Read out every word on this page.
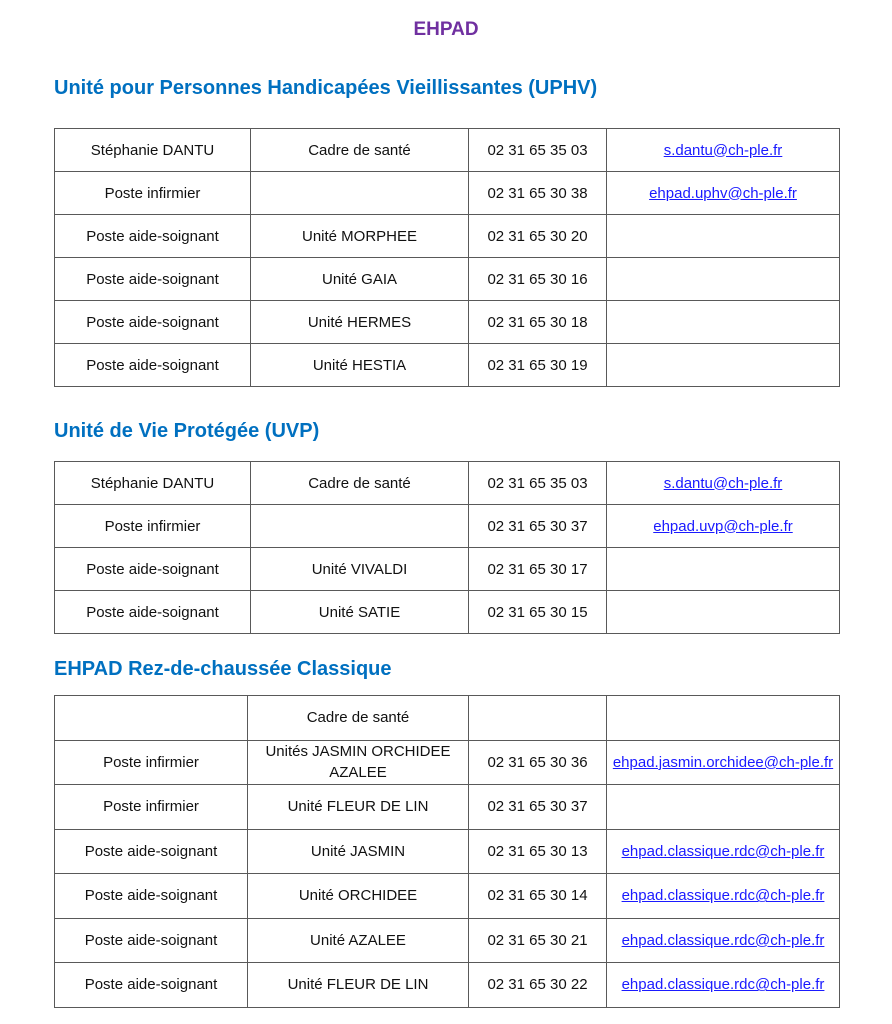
EHPAD
Unité pour Personnes Handicapées Vieillissantes (UPHV)
Stéphanie DANTU	Cadre de santé	02 31 65 35 03	s.dantu@ch-ple.fr
Poste infirmier		02 31 65 30 38	ehpad.uphv@ch-ple.fr
Poste aide-soignant	Unité MORPHEE	02 31 65 30 20	
Poste aide-soignant	Unité GAIA	02 31 65 30 16	
Poste aide-soignant	Unité HERMES	02 31 65 30 18	
Poste aide-soignant	Unité HESTIA	02 31 65 30 19	
Unité de Vie Protégée (UVP)
Stéphanie DANTU	Cadre de santé	02 31 65 35 03	s.dantu@ch-ple.fr
Poste infirmier		02 31 65 30 37	ehpad.uvp@ch-ple.fr
Poste aide-soignant	Unité VIVALDI	02 31 65 30 17	
Poste aide-soignant	Unité SATIE	02 31 65 30 15	
EHPAD Rez-de-chaussée Classique
	Cadre de santé		
Poste infirmier	Unités JASMIN ORCHIDEE AZALEE	02 31 65 30 36	ehpad.jasmin.orchidee@ch-ple.fr
Poste infirmier	Unité FLEUR DE LIN	02 31 65 30 37	
Poste aide-soignant	Unité JASMIN	02 31 65 30 13	ehpad.classique.rdc@ch-ple.fr
Poste aide-soignant	Unité ORCHIDEE	02 31 65 30 14	ehpad.classique.rdc@ch-ple.fr
Poste aide-soignant	Unité AZALEE	02 31 65 30 21	ehpad.classique.rdc@ch-ple.fr
Poste aide-soignant	Unité FLEUR DE LIN	02 31 65 30 22	ehpad.classique.rdc@ch-ple.fr
